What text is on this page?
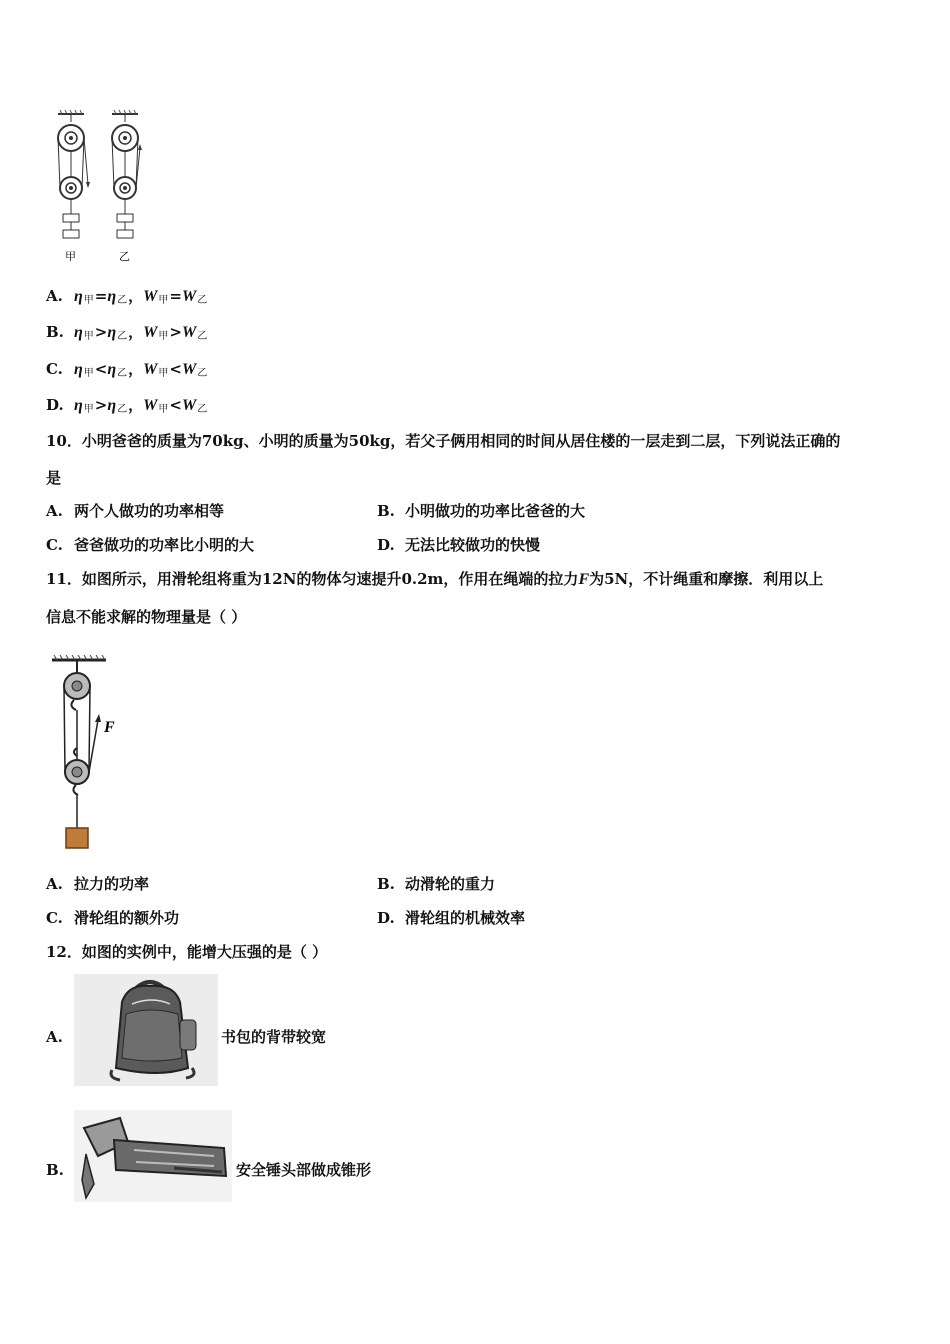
甲	乙
A. η甲=η乙，W甲=W乙
B. η甲>η乙，W甲>W乙
C. η甲<η乙，W甲<W乙
D. η甲>η乙，W甲<W乙
10．小明爸爸的质量为70kg、小明的质量为50kg，若父子俩用相同的时间从居住楼的一层走到二层，下列说法正确的
是
A. 两个人做功的功率相等	B. 小明做功的功率比爸爸的大
C. 爸爸做功的功率比小明的大	D. 无法比较做功的快慢
11．如图所示，用滑轮组将重为12N的物体匀速提升0.2m，作用在绳端的拉力F为5N，不计绳重和摩擦．利用以上
信息不能求解的物理量是（ ）
F
A. 拉力的功率	B. 动滑轮的重力
C. 滑轮组的额外功	D. 滑轮组的机械效率
12．如图的实例中，能增大压强的是（ ）
A.	书包的背带较宽
B.	安全锤头部做成锥形
